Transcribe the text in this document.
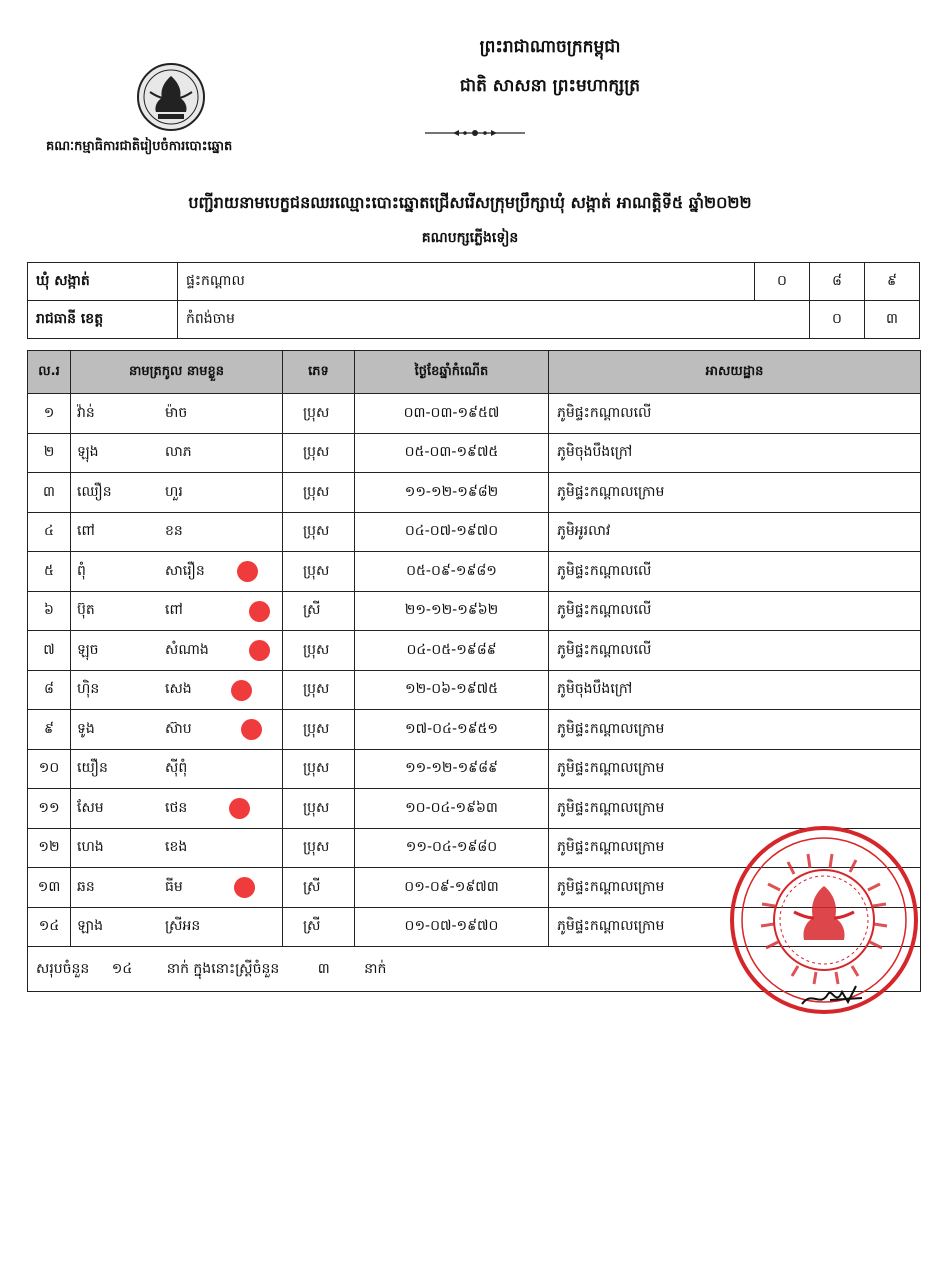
ព្រះរាជាណាចក្រកម្ពុជា
ជាតិ សាសនា ព្រះមហាក្សត្រ
គណៈកម្មាធិការជាតិរៀបចំការបោះឆ្នោត
បញ្ជីរាយនាមបេក្ខជនឈរឈ្មោះបោះឆ្នោតជ្រើសរើសក្រុមប្រឹក្សាឃុំ សង្កាត់ អាណត្តិទី៥ ឆ្នាំ២០២២
គណបក្សភ្លើងទៀន
ឃុំ សង្កាត់	ផ្ទះកណ្តាល	០	៨	៩
រាជធានី ខេត្ត	កំពង់ចាម		០	៣
ល.រ	នាមត្រកូល នាមខ្លួន	ភេទ	ថ្ងៃខែឆ្នាំកំណើត	អាសយដ្ឋាន
១	វ៉ាន់ ម៉ាច	ប្រុស	០៣-០៣-១៩៥៧	ភូមិផ្ទះកណ្តាលលើ
២	ឡុង លាភ	ប្រុស	០៥-០៣-១៩៧៥	ភូមិចុងបឹងក្រៅ
៣	ឈឿន ហួរ	ប្រុស	១១-១២-១៩៨២	ភូមិផ្ទះកណ្តាលក្រោម
៤	ពៅ ខន	ប្រុស	០៤-០៧-១៩៧០	ភូមិអូរលាវ
៥	ពុំ សារឿន	ប្រុស	០៥-០៩-១៩៨១	ភូមិផ្ទះកណ្តាលលើ
៦	ប៊ុត ពៅ	ស្រី	២១-១២-១៩៦២	ភូមិផ្ទះកណ្តាលលើ
៧	ឡុច សំណាង	ប្រុស	០៤-០៥-១៩៨៩	ភូមិផ្ទះកណ្តាលលើ
៨	ហ៊ិន សេង	ប្រុស	១២-០៦-១៩៧៥	ភូមិចុងបឹងក្រៅ
៩	ទូង ស៊ាប	ប្រុស	១៧-០៤-១៩៥១	ភូមិផ្ទះកណ្តាលក្រោម
១០	យឿន ស៊ីពុំ	ប្រុស	១១-១២-១៩៨៩	ភូមិផ្ទះកណ្តាលក្រោម
១១	សែម ថេន	ប្រុស	១០-០៤-១៩៦៣	ភូមិផ្ទះកណ្តាលក្រោម
១២	ហេង ខេង	ប្រុស	១១-០៤-១៩៨០	ភូមិផ្ទះកណ្តាលក្រោម
១៣	ឆន ធីម	ស្រី	០១-០៩-១៩៧៣	ភូមិផ្ទះកណ្តាលក្រោម
១៤	ឡាង ស្រីអន	ស្រី	០១-០៧-១៩៧០	ភូមិផ្ទះកណ្តាលក្រោម
សរុបចំនួន ១៤ នាក់ ក្នុងនោះស្ត្រីចំនួន ៣ នាក់				
